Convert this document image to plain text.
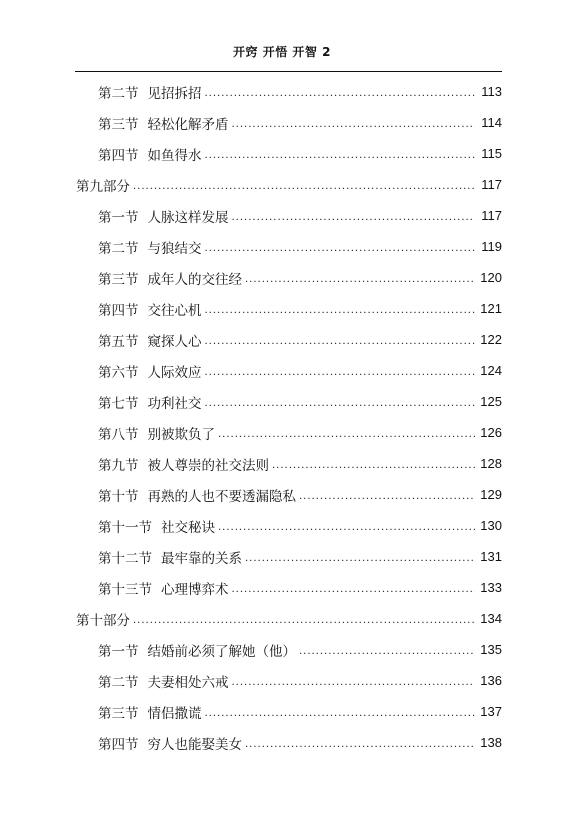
开窍 开悟 开智 2
第二节 见招拆招 .....	113
第三节 轻松化解矛盾 .....	114
第四节 如鱼得水 .....	115
第九部分 .....	117
第一节 人脉这样发展 .....	117
第二节 与狼结交 .....	119
第三节 成年人的交往经 .....	120
第四节 交往心机 .....	121
第五节 窥探人心 .....	122
第六节 人际效应 .....	124
第七节 功利社交 .....	125
第八节 别被欺负了 .....	126
第九节 被人尊崇的社交法则 .....	128
第十节 再熟的人也不要透漏隐私 .....	129
第十一节 社交秘诀 .....	130
第十二节 最牢靠的关系 .....	131
第十三节 心理博弈术 .....	133
第十部分 .....	134
第一节 结婚前必须了解她（他） .....	135
第二节 夫妻相处六戒 .....	136
第三节 情侣撒谎 .....	137
第四节 穷人也能娶美女 .....	138
